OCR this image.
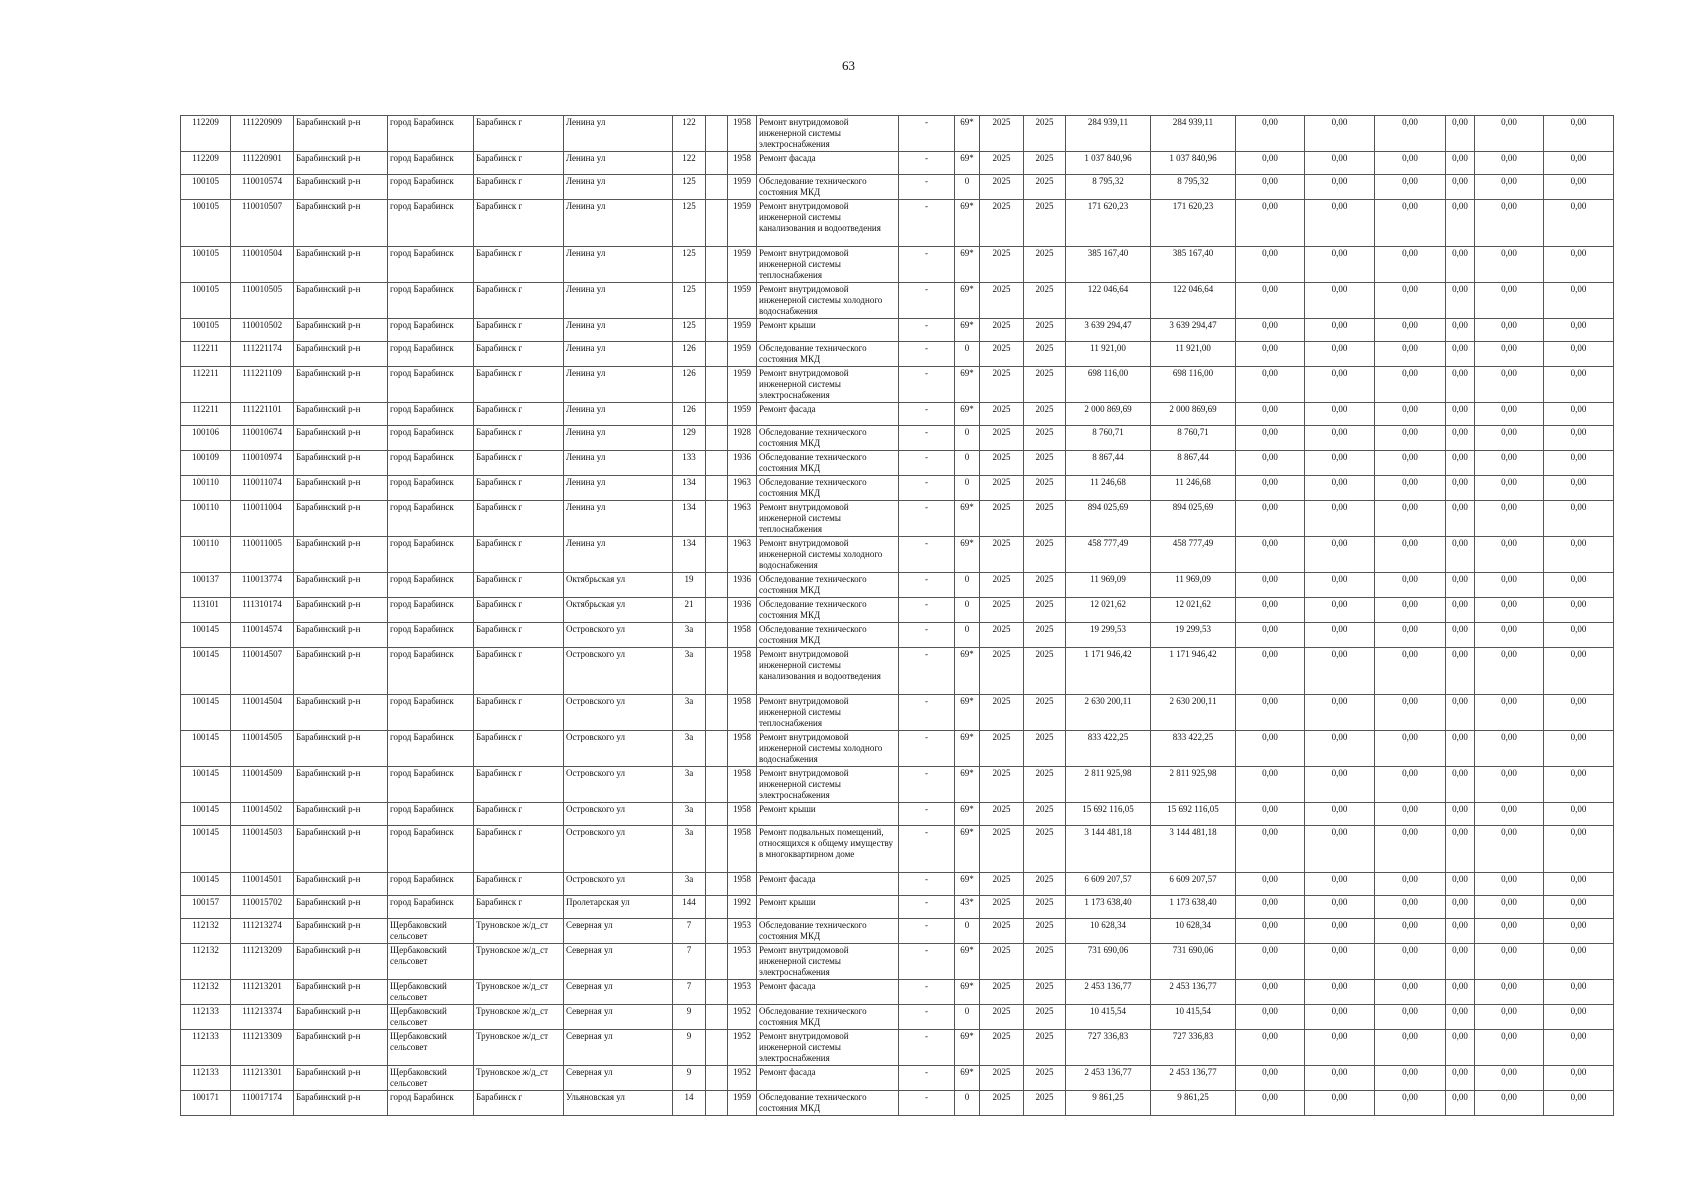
63
112209	111220909	Барабинский р-н	город Барабинск	Барабинск г	Ленина ул	122		1958	Ремонт внутридомовой инженерной системы электроснабжения	-	69*	2025	2025	284 939,11	284 939,11	0,00	0,00	0,00	0,00	0,00	0,00
112209	111220901	Барабинский р-н	город Барабинск	Барабинск г	Ленина ул	122		1958	Ремонт фасада	-	69*	2025	2025	1 037 840,96	1 037 840,96	0,00	0,00	0,00	0,00	0,00	0,00
100105	110010574	Барабинский р-н	город Барабинск	Барабинск г	Ленина ул	125		1959	Обследование технического состояния МКД	-	0	2025	2025	8 795,32	8 795,32	0,00	0,00	0,00	0,00	0,00	0,00
100105	110010507	Барабинский р-н	город Барабинск	Барабинск г	Ленина ул	125		1959	Ремонт внутридомовой инженерной системы канализования и водоотведения	-	69*	2025	2025	171 620,23	171 620,23	0,00	0,00	0,00	0,00	0,00	0,00
100105	110010504	Барабинский р-н	город Барабинск	Барабинск г	Ленина ул	125		1959	Ремонт внутридомовой инженерной системы теплоснабжения	-	69*	2025	2025	385 167,40	385 167,40	0,00	0,00	0,00	0,00	0,00	0,00
100105	110010505	Барабинский р-н	город Барабинск	Барабинск г	Ленина ул	125		1959	Ремонт внутридомовой инженерной системы холодного водоснабжения	-	69*	2025	2025	122 046,64	122 046,64	0,00	0,00	0,00	0,00	0,00	0,00
100105	110010502	Барабинский р-н	город Барабинск	Барабинск г	Ленина ул	125		1959	Ремонт крыши	-	69*	2025	2025	3 639 294,47	3 639 294,47	0,00	0,00	0,00	0,00	0,00	0,00
112211	111221174	Барабинский р-н	город Барабинск	Барабинск г	Ленина ул	126		1959	Обследование технического состояния МКД	-	0	2025	2025	11 921,00	11 921,00	0,00	0,00	0,00	0,00	0,00	0,00
112211	111221109	Барабинский р-н	город Барабинск	Барабинск г	Ленина ул	126		1959	Ремонт внутридомовой инженерной системы электроснабжения	-	69*	2025	2025	698 116,00	698 116,00	0,00	0,00	0,00	0,00	0,00	0,00
112211	111221101	Барабинский р-н	город Барабинск	Барабинск г	Ленина ул	126		1959	Ремонт фасада	-	69*	2025	2025	2 000 869,69	2 000 869,69	0,00	0,00	0,00	0,00	0,00	0,00
100106	110010674	Барабинский р-н	город Барабинск	Барабинск г	Ленина ул	129		1928	Обследование технического состояния МКД	-	0	2025	2025	8 760,71	8 760,71	0,00	0,00	0,00	0,00	0,00	0,00
100109	110010974	Барабинский р-н	город Барабинск	Барабинск г	Ленина ул	133		1936	Обследование технического состояния МКД	-	0	2025	2025	8 867,44	8 867,44	0,00	0,00	0,00	0,00	0,00	0,00
100110	110011074	Барабинский р-н	город Барабинск	Барабинск г	Ленина ул	134		1963	Обследование технического состояния МКД	-	0	2025	2025	11 246,68	11 246,68	0,00	0,00	0,00	0,00	0,00	0,00
100110	110011004	Барабинский р-н	город Барабинск	Барабинск г	Ленина ул	134		1963	Ремонт внутридомовой инженерной системы теплоснабжения	-	69*	2025	2025	894 025,69	894 025,69	0,00	0,00	0,00	0,00	0,00	0,00
100110	110011005	Барабинский р-н	город Барабинск	Барабинск г	Ленина ул	134		1963	Ремонт внутридомовой инженерной системы холодного водоснабжения	-	69*	2025	2025	458 777,49	458 777,49	0,00	0,00	0,00	0,00	0,00	0,00
100137	110013774	Барабинский р-н	город Барабинск	Барабинск г	Октябрьская ул	19		1936	Обследование технического состояния МКД	-	0	2025	2025	11 969,09	11 969,09	0,00	0,00	0,00	0,00	0,00	0,00
113101	111310174	Барабинский р-н	город Барабинск	Барабинск г	Октябрьская ул	21		1936	Обследование технического состояния МКД	-	0	2025	2025	12 021,62	12 021,62	0,00	0,00	0,00	0,00	0,00	0,00
100145	110014574	Барабинский р-н	город Барабинск	Барабинск г	Островского ул	3а		1958	Обследование технического состояния МКД	-	0	2025	2025	19 299,53	19 299,53	0,00	0,00	0,00	0,00	0,00	0,00
100145	110014507	Барабинский р-н	город Барабинск	Барабинск г	Островского ул	3а		1958	Ремонт внутридомовой инженерной системы канализования и водоотведения	-	69*	2025	2025	1 171 946,42	1 171 946,42	0,00	0,00	0,00	0,00	0,00	0,00
100145	110014504	Барабинский р-н	город Барабинск	Барабинск г	Островского ул	3а		1958	Ремонт внутридомовой инженерной системы теплоснабжения	-	69*	2025	2025	2 630 200,11	2 630 200,11	0,00	0,00	0,00	0,00	0,00	0,00
100145	110014505	Барабинский р-н	город Барабинск	Барабинск г	Островского ул	3а		1958	Ремонт внутридомовой инженерной системы холодного водоснабжения	-	69*	2025	2025	833 422,25	833 422,25	0,00	0,00	0,00	0,00	0,00	0,00
100145	110014509	Барабинский р-н	город Барабинск	Барабинск г	Островского ул	3а		1958	Ремонт внутридомовой инженерной системы электроснабжения	-	69*	2025	2025	2 811 925,98	2 811 925,98	0,00	0,00	0,00	0,00	0,00	0,00
100145	110014502	Барабинский р-н	город Барабинск	Барабинск г	Островского ул	3а		1958	Ремонт крыши	-	69*	2025	2025	15 692 116,05	15 692 116,05	0,00	0,00	0,00	0,00	0,00	0,00
100145	110014503	Барабинский р-н	город Барабинск	Барабинск г	Островского ул	3а		1958	Ремонт подвальных помещений, относящихся к общему имуществу в многоквартирном доме	-	69*	2025	2025	3 144 481,18	3 144 481,18	0,00	0,00	0,00	0,00	0,00	0,00
100145	110014501	Барабинский р-н	город Барабинск	Барабинск г	Островского ул	3а		1958	Ремонт фасада	-	69*	2025	2025	6 609 207,57	6 609 207,57	0,00	0,00	0,00	0,00	0,00	0,00
100157	110015702	Барабинский р-н	город Барабинск	Барабинск г	Пролетарская ул	144		1992	Ремонт крыши	-	43*	2025	2025	1 173 638,40	1 173 638,40	0,00	0,00	0,00	0,00	0,00	0,00
112132	111213274	Барабинский р-н	Щербаковский сельсовет	Труновское ж/д_ст	Северная ул	7		1953	Обследование технического состояния МКД	-	0	2025	2025	10 628,34	10 628,34	0,00	0,00	0,00	0,00	0,00	0,00
112132	111213209	Барабинский р-н	Щербаковский сельсовет	Труновское ж/д_ст	Северная ул	7		1953	Ремонт внутридомовой инженерной системы электроснабжения	-	69*	2025	2025	731 690,06	731 690,06	0,00	0,00	0,00	0,00	0,00	0,00
112132	111213201	Барабинский р-н	Щербаковский сельсовет	Труновское ж/д_ст	Северная ул	7		1953	Ремонт фасада	-	69*	2025	2025	2 453 136,77	2 453 136,77	0,00	0,00	0,00	0,00	0,00	0,00
112133	111213374	Барабинский р-н	Щербаковский сельсовет	Труновское ж/д_ст	Северная ул	9		1952	Обследование технического состояния МКД	-	0	2025	2025	10 415,54	10 415,54	0,00	0,00	0,00	0,00	0,00	0,00
112133	111213309	Барабинский р-н	Щербаковский сельсовет	Труновское ж/д_ст	Северная ул	9		1952	Ремонт внутридомовой инженерной системы электроснабжения	-	69*	2025	2025	727 336,83	727 336,83	0,00	0,00	0,00	0,00	0,00	0,00
112133	111213301	Барабинский р-н	Щербаковский сельсовет	Труновское ж/д_ст	Северная ул	9		1952	Ремонт фасада	-	69*	2025	2025	2 453 136,77	2 453 136,77	0,00	0,00	0,00	0,00	0,00	0,00
100171	110017174	Барабинский р-н	город Барабинск	Барабинск г	Ульяновская ул	14		1959	Обследование технического состояния МКД	-	0	2025	2025	9 861,25	9 861,25	0,00	0,00	0,00	0,00	0,00	0,00
